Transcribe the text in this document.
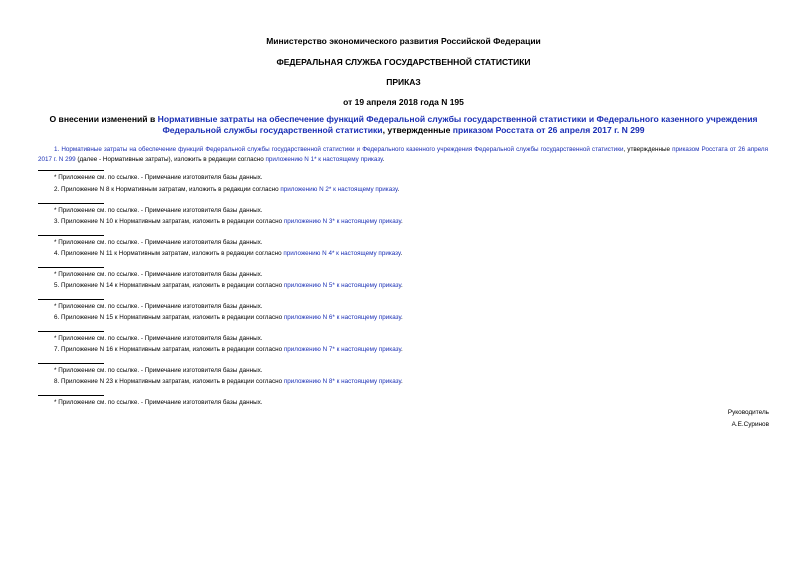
Министерство экономического развития Российской Федерации
ФЕДЕРАЛЬНАЯ СЛУЖБА ГОСУДАРСТВЕННОЙ СТАТИСТИКИ
ПРИКАЗ
от 19 апреля 2018 года N 195
О внесении изменений в Нормативные затраты на обеспечение функций Федеральной службы государственной статистики и Федерального казенного учреждения Федеральной службы государственной статистики, утвержденные приказом Росстата от 26 апреля 2017 г. N 299
1. Нормативные затраты на обеспечение функций Федеральной службы государственной статистики и Федерального казенного учреждения Федеральной службы государственной статистики, утвержденные приказом Росстата от 26 апреля 2017 г. N 299 (далее - Нормативные затраты), изложить в редакции согласно приложению N 1* к настоящему приказу.
* Приложение см. по ссылке. - Примечание изготовителя базы данных.
2. Приложение N 8 к Нормативным затратам, изложить в редакции согласно приложению N 2* к настоящему приказу.
* Приложение см. по ссылке. - Примечание изготовителя базы данных.
3. Приложение N 10 к Нормативным затратам, изложить в редакции согласно приложению N 3* к настоящему приказу.
* Приложение см. по ссылке. - Примечание изготовителя базы данных.
4. Приложение N 11 к Нормативным затратам, изложить в редакции согласно приложению N 4* к настоящему приказу.
* Приложение см. по ссылке. - Примечание изготовителя базы данных.
5. Приложение N 14 к Нормативным затратам, изложить в редакции согласно приложению N 5* к настоящему приказу.
* Приложение см. по ссылке. - Примечание изготовителя базы данных.
6. Приложение N 15 к Нормативным затратам, изложить в редакции согласно приложению N 6* к настоящему приказу.
* Приложение см. по ссылке. - Примечание изготовителя базы данных.
7. Приложение N 16 к Нормативным затратам, изложить в редакции согласно приложению N 7* к настоящему приказу.
* Приложение см. по ссылке. - Примечание изготовителя базы данных.
8. Приложение N 23 к Нормативным затратам, изложить в редакции согласно приложению N 8* к настоящему приказу.
* Приложение см. по ссылке. - Примечание изготовителя базы данных.
Руководитель
А.Е.Суринов
